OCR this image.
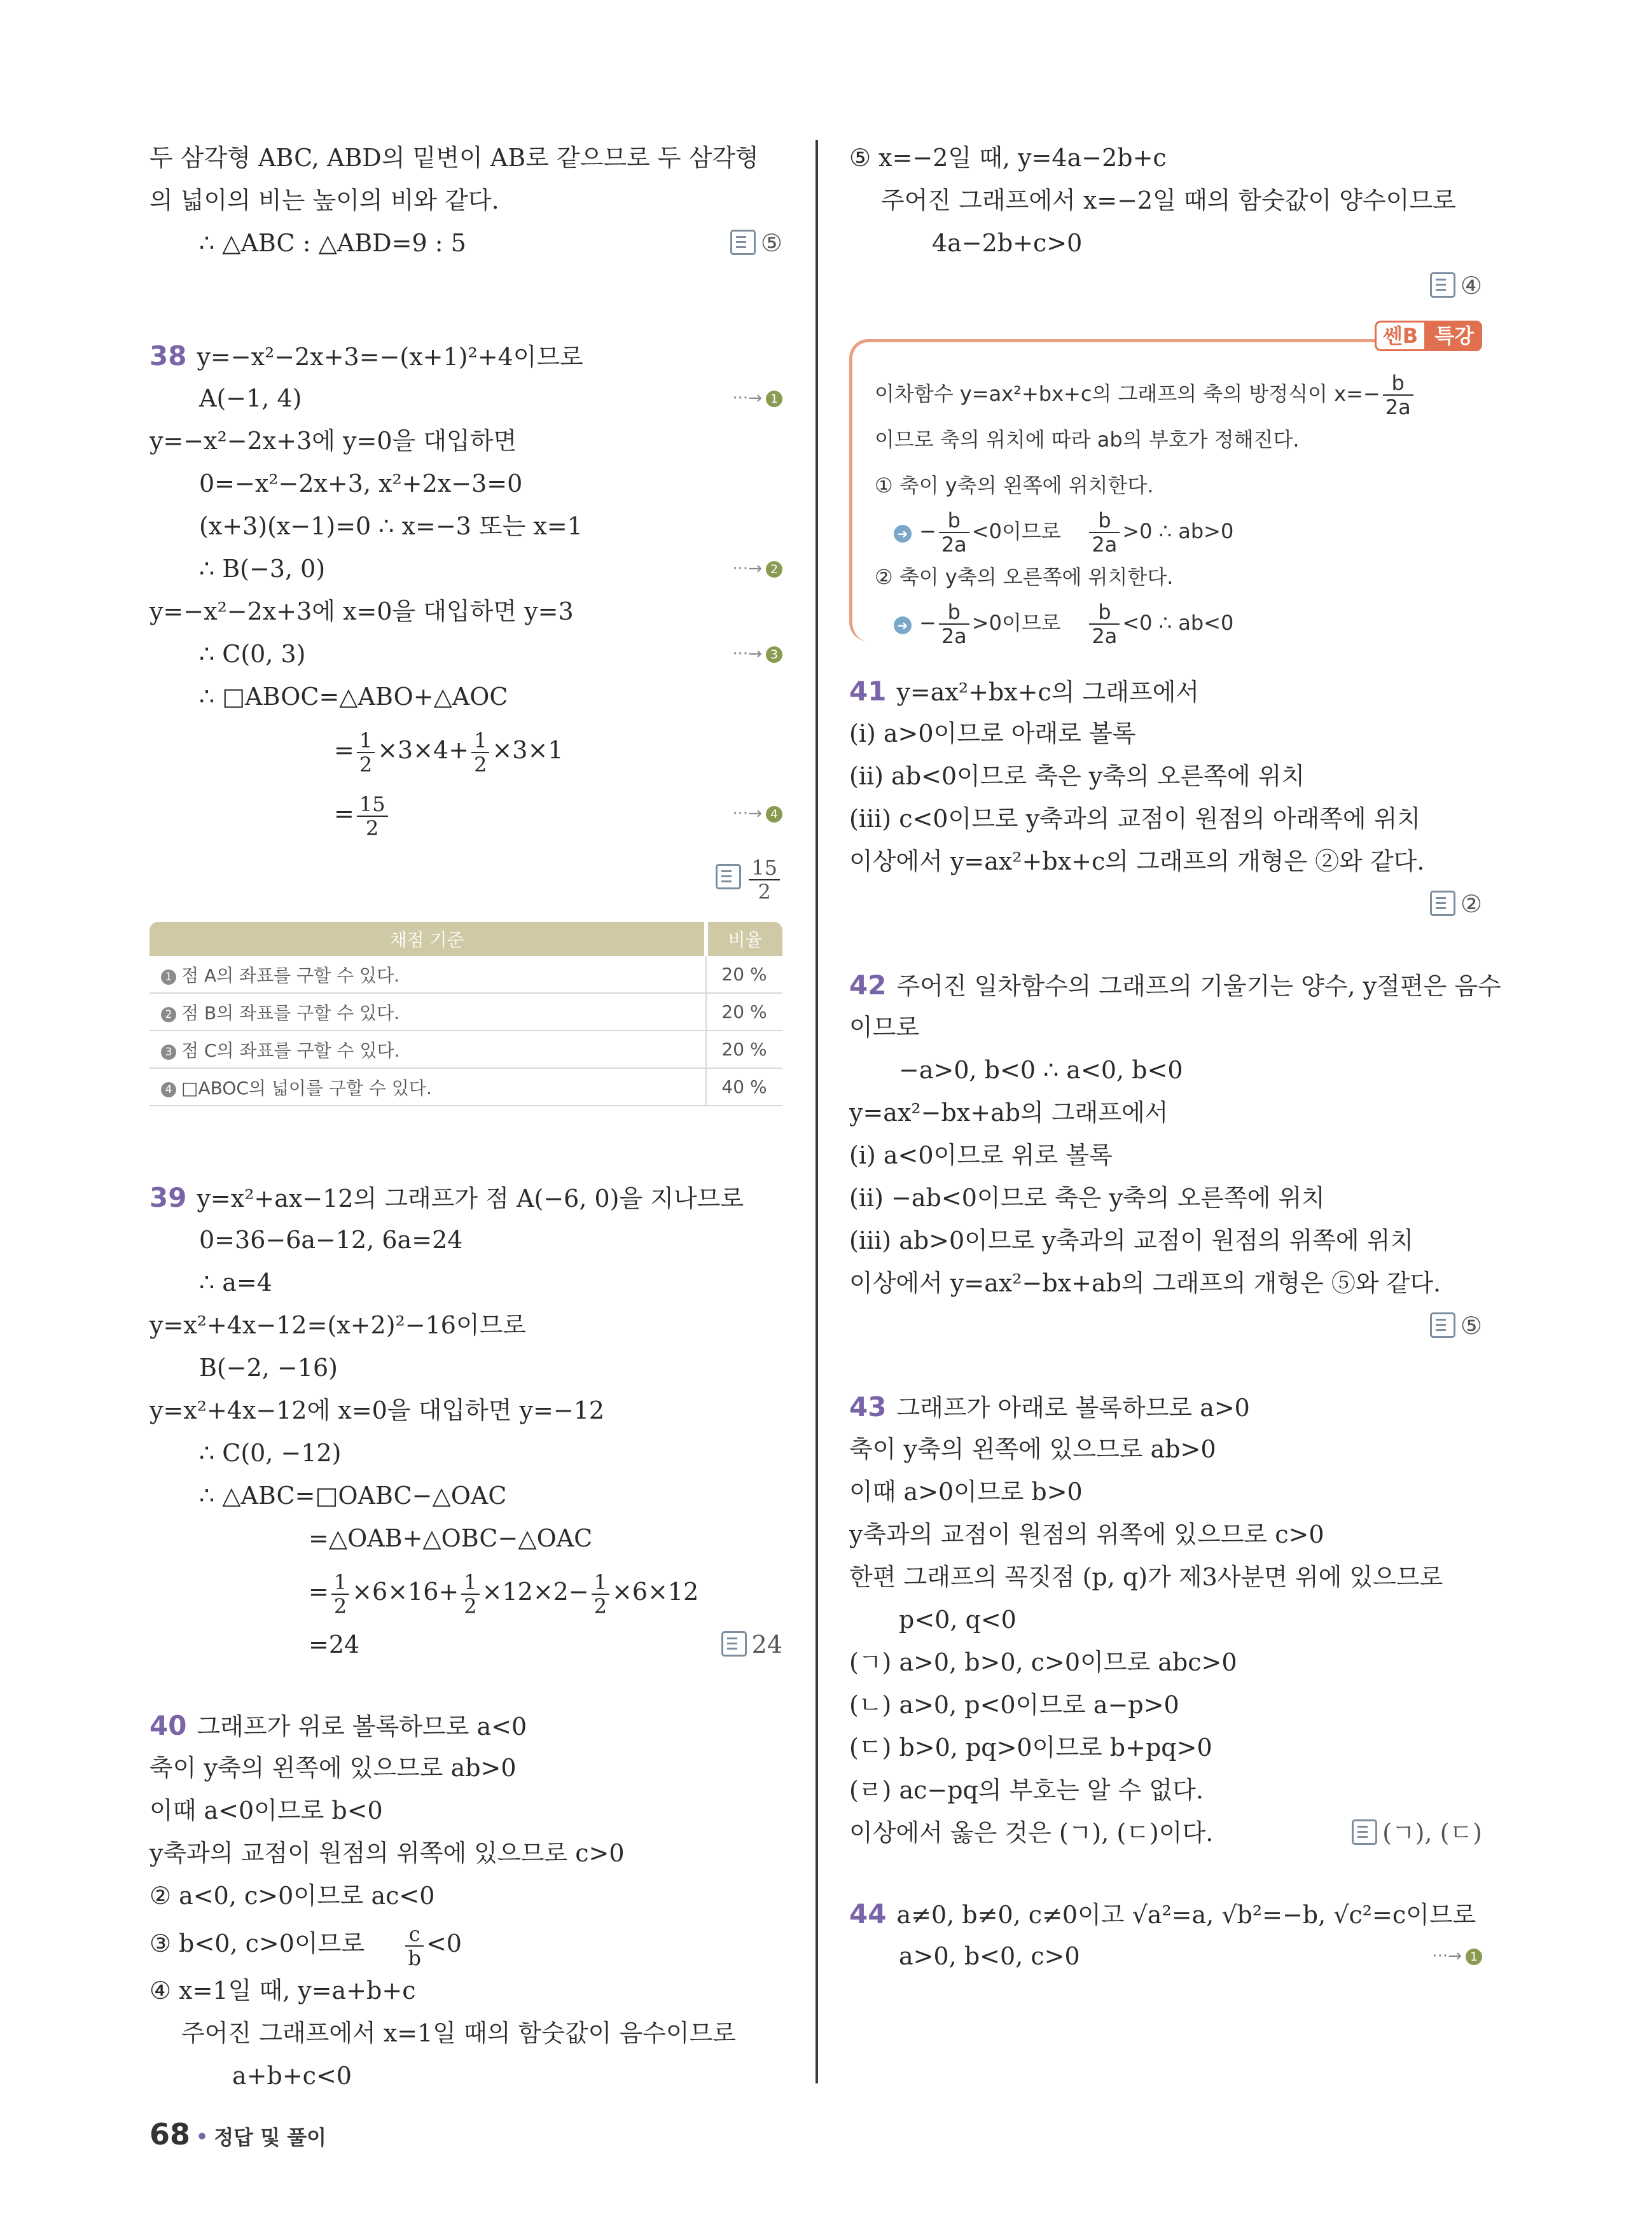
두 삼각형 ABC, ABD의 밑변이 AB로 같으므로 두 삼각형
의 넓이의 비는 높이의 비와 같다.
∴ △ABC : △ABD=9 : 5	⑤
38 y=−x²−2x+3=−(x+1)²+4이므로
A(−1, 4)	···→ 1
y=−x²−2x+3에 y=0을 대입하면
0=−x²−2x+3, x²+2x−3=0
(x+3)(x−1)=0 ∴ x=−3 또는 x=1
∴ B(−3, 0)	···→ 2
y=−x²−2x+3에 x=0을 대입하면 y=3
∴ C(0, 3)	···→ 3
∴ □ABOC=△ABO+△AOC
= $\frac{1}{2} \times 3\times 4+ \frac{1}{2} \times 3\times 1$
= $\frac{15}{2}$	···→ 4
$\frac{15}{2}$
채점 기준	비율
1 점 A의 좌표를 구할 수 있다.	20 %
2 점 B의 좌표를 구할 수 있다.	20 %
3 점 C의 좌표를 구할 수 있다.	20 %
4 □ABOC의 넓이를 구할 수 있다.	40 %
39 y=x²+ax−12의 그래프가 점 A(−6, 0)을 지나므로
0=36−6a−12, 6a=24
∴ a=4
y=x²+4x−12=(x+2)²−16이므로
B(−2, −16)
y=x²+4x−12에 x=0을 대입하면 y=−12
∴ C(0, −12)
∴ △ABC=□OABC−△OAC
=△OAB+△OBC−△OAC
= $\frac{1}{2} \times 6\times 16+ \frac{1}{2} \times 12\times 2- \frac{1}{2} \times 6\times 12$
=24	24
40 그래프가 위로 볼록하므로 a<0
축이 y축의 왼쪽에 있으므로 ab>0
이때 a<0이므로 b<0
y축과의 교점이 원점의 위쪽에 있으므로 c>0
② a<0, c>0이므로 ac<0
③ b<0, c>0이므로 $\frac{c}{b} <0$
④ x=1일 때, y=a+b+c
주어진 그래프에서 x=1일 때의 함숫값이 음수이므로
a+b+c<0
⑤ x=−2일 때, y=4a−2b+c
주어진 그래프에서 x=−2일 때의 함숫값이 양수이므로
4a−2b+c>0
④
쎈B 특강
이차함수 y=ax²+bx+c의 그래프의 축의 방정식이 $x=- \frac{b}{2a}$
이므로 축의 위치에 따라 ab의 부호가 정해진다.
① 축이 y축의 왼쪽에 위치한다.
➜ − $\frac{b}{2a} <0$이므로 $\frac{b}{2a} >0$ ∴ ab>0
② 축이 y축의 오른쪽에 위치한다.
➜ − $\frac{b}{2a} >0$이므로 $\frac{b}{2a} <0$ ∴ ab<0
41 y=ax²+bx+c의 그래프에서
(ⅰ) a>0이므로 아래로 볼록
(ⅱ) ab<0이므로 축은 y축의 오른쪽에 위치
(ⅲ) c<0이므로 y축과의 교점이 원점의 아래쪽에 위치
이상에서 y=ax²+bx+c의 그래프의 개형은 ②와 같다.
②
42 주어진 일차함수의 그래프의 기울기는 양수, y절편은 음수
이므로
−a>0, b<0 ∴ a<0, b<0
y=ax²−bx+ab의 그래프에서
(ⅰ) a<0이므로 위로 볼록
(ⅱ) −ab<0이므로 축은 y축의 오른쪽에 위치
(ⅲ) ab>0이므로 y축과의 교점이 원점의 위쪽에 위치
이상에서 y=ax²−bx+ab의 그래프의 개형은 ⑤와 같다.
⑤
43 그래프가 아래로 볼록하므로 a>0
축이 y축의 왼쪽에 있으므로 ab>0
이때 a>0이므로 b>0
y축과의 교점이 원점의 위쪽에 있으므로 c>0
한편 그래프의 꼭짓점 (p, q)가 제3사분면 위에 있으므로
p<0, q<0
(ㄱ) a>0, b>0, c>0이므로 abc>0
(ㄴ) a>0, p<0이므로 a−p>0
(ㄷ) b>0, pq>0이므로 b+pq>0
(ㄹ) ac−pq의 부호는 알 수 없다.
이상에서 옳은 것은 (ㄱ), (ㄷ)이다.	(ㄱ), (ㄷ)
44 a≠0, b≠0, c≠0이고 √a²=a, √b²=−b, √c²=c이므로
a>0, b<0, c>0	···→ 1
68 • 정답 및 풀이
